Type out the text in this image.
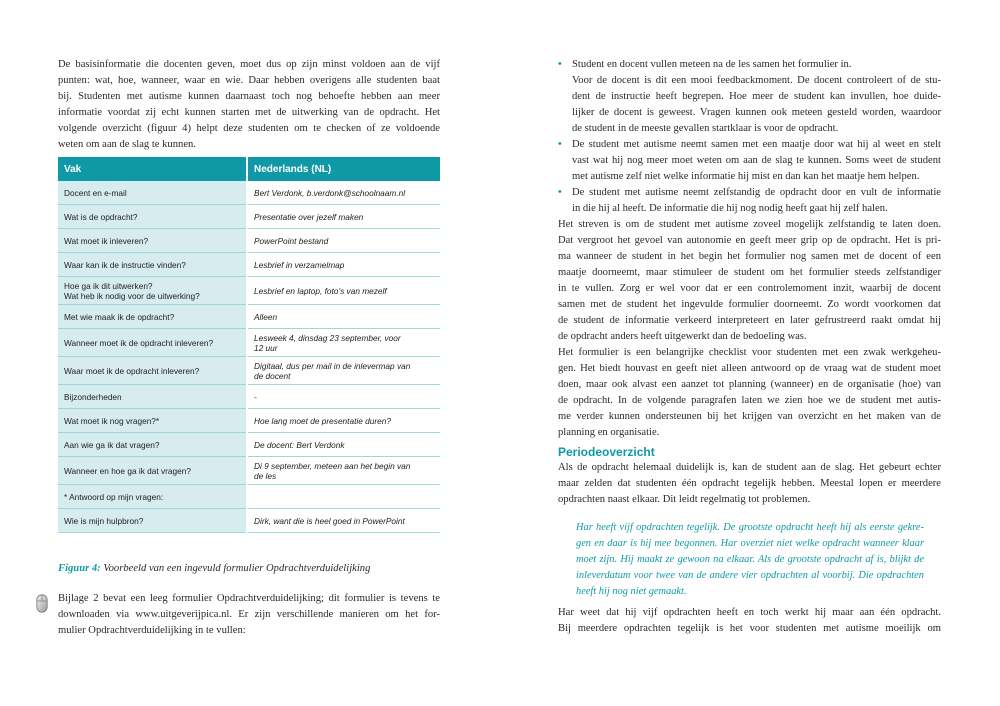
De basisinformatie die docenten geven, moet dus op zijn minst voldoen aan de vijf
punten: wat, hoe, wanneer, waar en wie. Daar hebben overigens alle studenten baat
bij. Studenten met autisme kunnen daarnaast toch nog behoefte hebben aan meer
informatie voordat zij echt kunnen starten met de uitwerking van de opdracht. Het
volgende overzicht (figuur 4) helpt deze studenten om te checken of ze voldoende
weten om aan de slag te kunnen.
Vak	Nederlands (NL)
Docent en e-mail	Bert Verdonk, b.verdonk@schoolnaam.nl
Wat is de opdracht?	Presentatie over jezelf maken
Wat moet ik inleveren?	PowerPoint bestand
Waar kan ik de instructie vinden?	Lesbrief in verzamelmap
Hoe ga ik dit uitwerken?
Wat heb ik nodig voor de uitwerking?	Lesbrief en laptop, foto’s van mezelf
Met wie maak ik de opdracht?	Alleen
Wanneer moet ik de opdracht inleveren?	Lesweek 4, dinsdag 23 september, voor
12 uur
Waar moet ik de opdracht inleveren?	Digitaal, dus per mail in de inlevermap van
de docent
Bijzonderheden	-
Wat moet ik nog vragen?*	Hoe lang moet de presentatie duren?
Aan wie ga ik dat vragen?	De docent: Bert Verdonk
Wanneer en hoe ga ik dat vragen?	Di 9 september, meteen aan het begin van
de les
* Antwoord op mijn vragen:	
Wie is mijn hulpbron?	Dirk, want die is heel goed in PowerPoint
Figuur 4: Voorbeeld van een ingevuld formulier Opdrachtverduidelijking
Bijlage 2 bevat een leeg formulier Opdrachtverduidelijking; dit formulier is tevens te
downloaden via www.uitgeverijpica.nl. Er zijn verschillende manieren om het for-
mulier Opdrachtverduidelijking in te vullen:
• Student en docent vullen meteen na de les samen het formulier in.
Voor de docent is dit een mooi feedbackmoment. De docent controleert of de stu-
dent de instructie heeft begrepen. Hoe meer de student kan invullen, hoe duide-
lijker de docent is geweest. Vragen kunnen ook meteen gesteld worden, waardoor
de student in de meeste gevallen startklaar is voor de opdracht.
• De student met autisme neemt samen met een maatje door wat hij al weet en stelt
vast wat hij nog meer moet weten om aan de slag te kunnen. Soms weet de student
met autisme zelf niet welke informatie hij mist en dan kan het maatje hem helpen.
• De student met autisme neemt zelfstandig de opdracht door en vult de informatie
in die hij al heeft. De informatie die hij nog nodig heeft gaat hij zelf halen.
Het streven is om de student met autisme zoveel mogelijk zelfstandig te laten doen.
Dat vergroot het gevoel van autonomie en geeft meer grip op de opdracht. Het is pri-
ma wanneer de student in het begin het formulier nog samen met de docent of een
maatje doorneemt, maar stimuleer de student om het formulier steeds zelfstandiger
in te vullen. Zorg er wel voor dat er een controlemoment inzit, waarbij de docent
samen met de student het ingevulde formulier doorneemt. Zo wordt voorkomen dat
de student de informatie verkeerd interpreteert en later gefrustreerd raakt omdat hij
de opdracht anders heeft uitgewerkt dan de bedoeling was.
Het formulier is een belangrijke checklist voor studenten met een zwak werkgeheu-
gen. Het biedt houvast en geeft niet alleen antwoord op de vraag wat de student moet
doen, maar ook alvast een aanzet tot planning (wanneer) en de organisatie (hoe) van
de opdracht. In de volgende paragrafen laten we zien hoe we de student met autis-
me verder kunnen ondersteunen bij het krijgen van overzicht en het maken van de
planning en organisatie.
Periodeoverzicht
Als de opdracht helemaal duidelijk is, kan de student aan de slag. Het gebeurt echter
maar zelden dat studenten één opdracht tegelijk hebben. Meestal lopen er meerdere
opdrachten naast elkaar. Dit leidt regelmatig tot problemen.
Har heeft vijf opdrachten tegelijk. De grootste opdracht heeft hij als eerste gekre-
gen en daar is hij mee begonnen. Har overziet niet welke opdracht wanneer klaar
moet zijn. Hij maakt ze gewoon na elkaar. Als de grootste opdracht af is, blijkt de
inleverdatum voor twee van de andere vier opdrachten al voorbij. Die opdrachten
heeft hij nog niet gemaakt.
Har weet dat hij vijf opdrachten heeft en toch werkt hij maar aan één opdracht.
Bij meerdere opdrachten tegelijk is het voor studenten met autisme moeilijk om
